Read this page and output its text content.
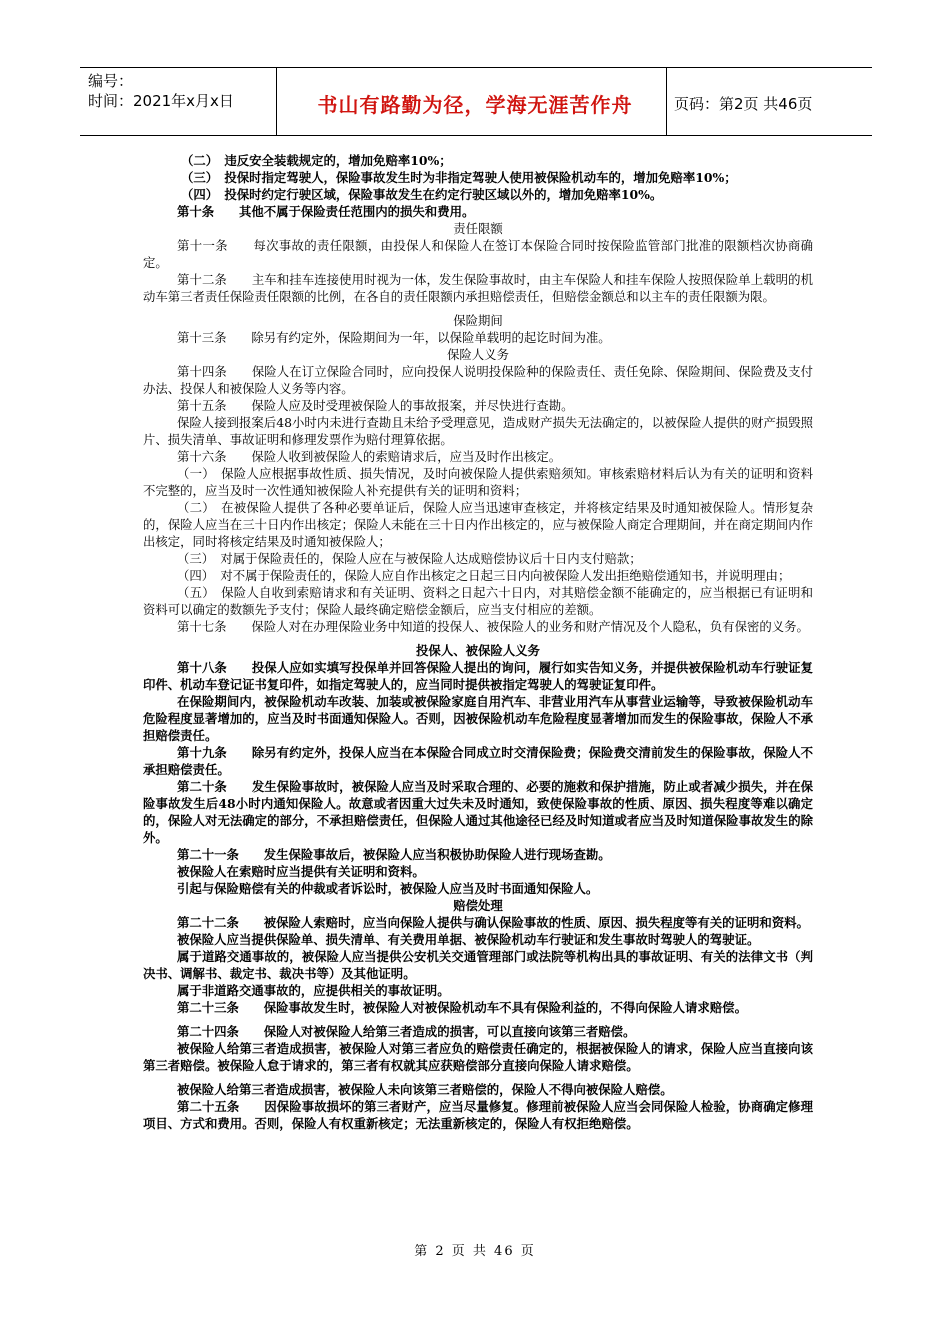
编号：
时间：2021年x月x日	书山有路勤为径，学海无涯苦作舟	页码：第2页 共46页

（二）　违反安全装载规定的，增加免赔率10%；

（三）　投保时指定驾驶人，保险事故发生时为非指定驾驶人使用被保险机动车的，增加免赔率10%；

（四）　投保时约定行驶区域，保险事故发生在约定行驶区域以外的，增加免赔率10%。

第十条　　其他不属于保险责任范围内的损失和费用。

责任限额

第十一条　　每次事故的责任限额，由投保人和保险人在签订本保险合同时按保险监管部门批准的限额档次协商确定。

第十二条　　主车和挂车连接使用时视为一体，发生保险事故时，由主车保险人和挂车保险人按照保险单上载明的机动车第三者责任保险责任限额的比例，在各自的责任限额内承担赔偿责任，但赔偿金额总和以主车的责任限额为限。

保险期间

第十三条　　除另有约定外，保险期间为一年，以保险单载明的起讫时间为准。

保险人义务

第十四条　　保险人在订立保险合同时，应向投保人说明投保险种的保险责任、责任免除、保险期间、保险费及支付办法、投保人和被保险人义务等内容。

第十五条　　保险人应及时受理被保险人的事故报案，并尽快进行查勘。

保险人接到报案后48小时内未进行查勘且未给予受理意见，造成财产损失无法确定的，以被保险人提供的财产损毁照片、损失清单、事故证明和修理发票作为赔付理算依据。

第十六条　　保险人收到被保险人的索赔请求后，应当及时作出核定。

（一）　保险人应根据事故性质、损失情况，及时向被保险人提供索赔须知。审核索赔材料后认为有关的证明和资料不完整的，应当及时一次性通知被保险人补充提供有关的证明和资料；

（二）　在被保险人提供了各种必要单证后，保险人应当迅速审查核定，并将核定结果及时通知被保险人。情形复杂的，保险人应当在三十日内作出核定；保险人未能在三十日内作出核定的，应与被保险人商定合理期间，并在商定期间内作出核定，同时将核定结果及时通知被保险人；

（三）　对属于保险责任的，保险人应在与被保险人达成赔偿协议后十日内支付赔款；

（四）　对不属于保险责任的，保险人应自作出核定之日起三日内向被保险人发出拒绝赔偿通知书，并说明理由；

（五）　保险人自收到索赔请求和有关证明、资料之日起六十日内，对其赔偿金额不能确定的，应当根据已有证明和资料可以确定的数额先予支付；保险人最终确定赔偿金额后，应当支付相应的差额。

第十七条　　保险人对在办理保险业务中知道的投保人、被保险人的业务和财产情况及个人隐私，负有保密的义务。

投保人、被保险人义务

第十八条　　投保人应如实填写投保单并回答保险人提出的询问，履行如实告知义务，并提供被保险机动车行驶证复印件、机动车登记证书复印件，如指定驾驶人的，应当同时提供被指定驾驶人的驾驶证复印件。

在保险期间内，被保险机动车改装、加装或被保险家庭自用汽车、非营业用汽车从事营业运输等，导致被保险机动车危险程度显著增加的，应当及时书面通知保险人。否则，因被保险机动车危险程度显著增加而发生的保险事故，保险人不承担赔偿责任。

第十九条　　除另有约定外，投保人应当在本保险合同成立时交清保险费；保险费交清前发生的保险事故，保险人不承担赔偿责任。

第二十条　　发生保险事故时，被保险人应当及时采取合理的、必要的施救和保护措施，防止或者减少损失，并在保险事故发生后48小时内通知保险人。故意或者因重大过失未及时通知，致使保险事故的性质、原因、损失程度等难以确定的，保险人对无法确定的部分，不承担赔偿责任，但保险人通过其他途径已经及时知道或者应当及时知道保险事故发生的除外。

第二十一条　　发生保险事故后，被保险人应当积极协助保险人进行现场查勘。

被保险人在索赔时应当提供有关证明和资料。

引起与保险赔偿有关的仲裁或者诉讼时，被保险人应当及时书面通知保险人。

赔偿处理

第二十二条　　被保险人索赔时，应当向保险人提供与确认保险事故的性质、原因、损失程度等有关的证明和资料。

被保险人应当提供保险单、损失清单、有关费用单据、被保险机动车行驶证和发生事故时驾驶人的驾驶证。

属于道路交通事故的，被保险人应当提供公安机关交通管理部门或法院等机构出具的事故证明、有关的法律文书（判决书、调解书、裁定书、裁决书等）及其他证明。

属于非道路交通事故的，应提供相关的事故证明。

第二十三条　　保险事故发生时，被保险人对被保险机动车不具有保险利益的，不得向保险人请求赔偿。

第二十四条　　保险人对被保险人给第三者造成的损害，可以直接向该第三者赔偿。

被保险人给第三者造成损害，被保险人对第三者应负的赔偿责任确定的，根据被保险人的请求，保险人应当直接向该第三者赔偿。被保险人怠于请求的，第三者有权就其应获赔偿部分直接向保险人请求赔偿。

被保险人给第三者造成损害，被保险人未向该第三者赔偿的，保险人不得向被保险人赔偿。

第二十五条　　因保险事故损坏的第三者财产，应当尽量修复。修理前被保险人应当会同保险人检验，协商确定修理项目、方式和费用。否则，保险人有权重新核定；无法重新核定的，保险人有权拒绝赔偿。

第 2 页 共 46 页
